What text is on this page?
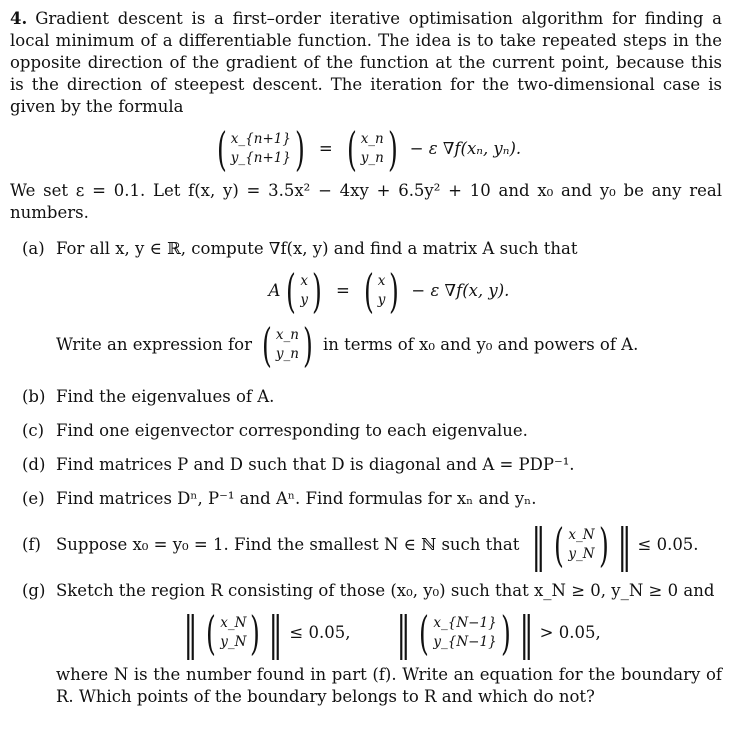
4. Gradient descent is a first–order iterative optimisation algorithm for finding a local minimum of a differentiable function. The idea is to take repeated steps in the opposite direction of the gradient of the function at the current point, because this is the direction of steepest descent. The iteration for the two-dimensional case is given by the formula

( x_{n+1}
y_{n+1} ) = ( x_n
y_n ) − ε ∇f(xₙ, yₙ).

We set ε = 0.1. Let f(x, y) = 3.5x² − 4xy + 6.5y² + 10 and x₀ and y₀ be any real numbers.

(a) For all x, y ∈ ℝ, compute ∇f(x, y) and find a matrix A such that
A ( x
y ) = ( x
y ) − ε ∇f(x, y).
Write an expression for ( x_n
y_n ) in terms of x₀ and y₀ and powers of A.
(b) Find the eigenvalues of A.
(c) Find one eigenvector corresponding to each eigenvalue.
(d) Find matrices P and D such that D is diagonal and A = PDP⁻¹.
(e) Find matrices Dⁿ, P⁻¹ and Aⁿ. Find formulas for xₙ and yₙ.
(f) Suppose x₀ = y₀ = 1. Find the smallest N ∈ ℕ such that ‖ ( x_N
y_N ) ‖ ≤ 0.05.
(g) Sketch the region R consisting of those (x₀, y₀) such that x_N ≥ 0, y_N ≥ 0 and
‖ ( x_N
y_N ) ‖ ≤ 0.05, ‖ ( x_{N−1}
y_{N−1} ) ‖ > 0.05,
where N is the number found in part (f). Write an equation for the boundary of R. Which points of the boundary belongs to R and which do not?
